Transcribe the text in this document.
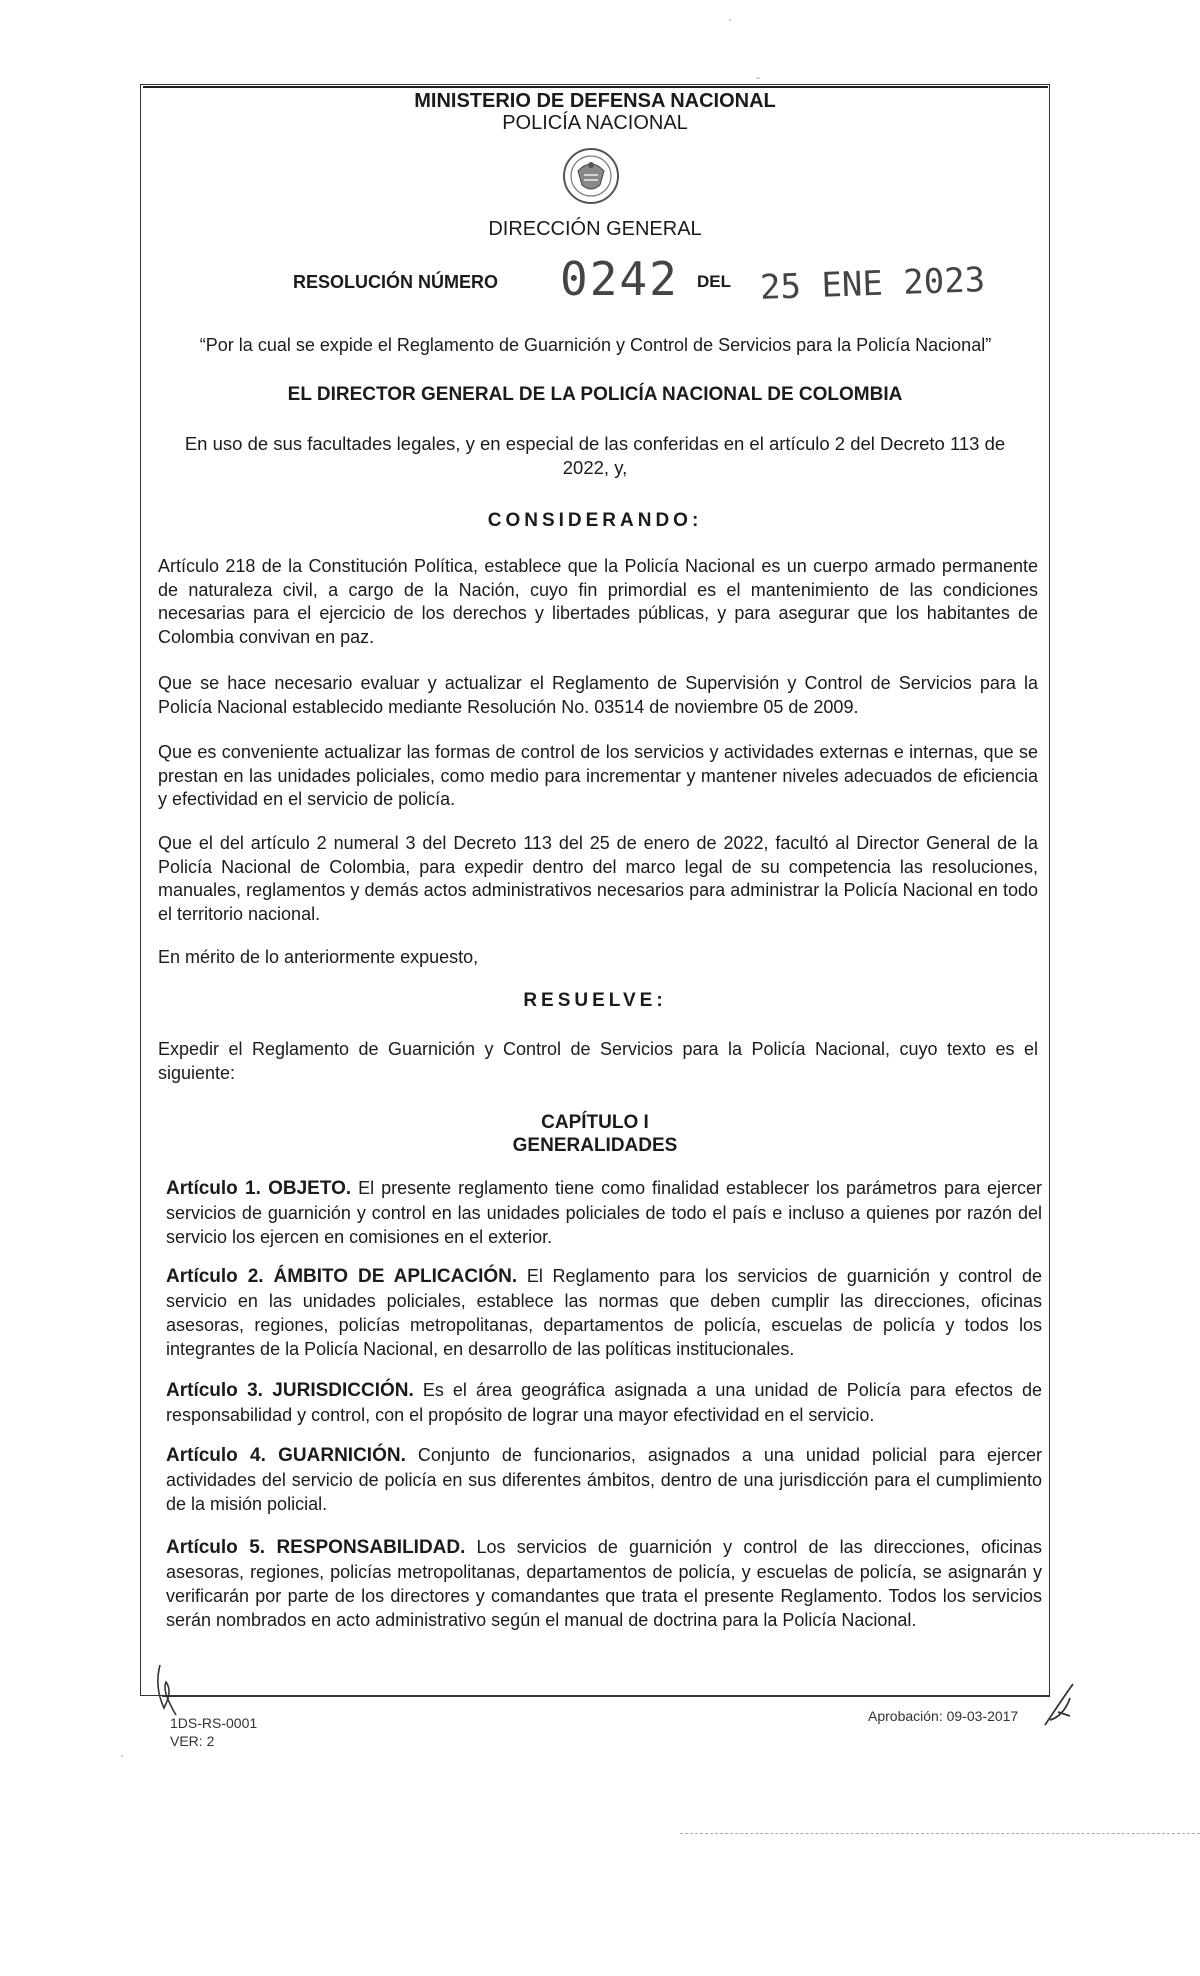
MINISTERIO DE DEFENSA NACIONAL
POLICÍA NACIONAL
DIRECCIÓN GENERAL
RESOLUCIÓN NÚMERO 0242 DEL 25 ENE 2023
“Por la cual se expide el Reglamento de Guarnición y Control de Servicios para la Policía Nacional”
EL DIRECTOR GENERAL DE LA POLICÍA NACIONAL DE COLOMBIA
En uso de sus facultades legales, y en especial de las conferidas en el artículo 2 del Decreto 113 de 2022, y,
CONSIDERANDO:
Artículo 218 de la Constitución Política, establece que la Policía Nacional es un cuerpo armado permanente de naturaleza civil, a cargo de la Nación, cuyo fin primordial es el mantenimiento de las condiciones necesarias para el ejercicio de los derechos y libertades públicas, y para asegurar que los habitantes de Colombia convivan en paz.
Que se hace necesario evaluar y actualizar el Reglamento de Supervisión y Control de Servicios para la Policía Nacional establecido mediante Resolución No. 03514 de noviembre 05 de 2009.
Que es conveniente actualizar las formas de control de los servicios y actividades externas e internas, que se prestan en las unidades policiales, como medio para incrementar y mantener niveles adecuados de eficiencia y efectividad en el servicio de policía.
Que el del artículo 2 numeral 3 del Decreto 113 del 25 de enero de 2022, facultó al Director General de la Policía Nacional de Colombia, para expedir dentro del marco legal de su competencia las resoluciones, manuales, reglamentos y demás actos administrativos necesarios para administrar la Policía Nacional en todo el territorio nacional.
En mérito de lo anteriormente expuesto,
RESUELVE:
Expedir el Reglamento de Guarnición y Control de Servicios para la Policía Nacional, cuyo texto es el siguiente:
CAPÍTULO I
GENERALIDADES
Artículo 1. OBJETO. El presente reglamento tiene como finalidad establecer los parámetros para ejercer servicios de guarnición y control en las unidades policiales de todo el país e incluso a quienes por razón del servicio los ejercen en comisiones en el exterior.
Artículo 2. ÁMBITO DE APLICACIÓN. El Reglamento para los servicios de guarnición y control de servicio en las unidades policiales, establece las normas que deben cumplir las direcciones, oficinas asesoras, regiones, policías metropolitanas, departamentos de policía, escuelas de policía y todos los integrantes de la Policía Nacional, en desarrollo de las políticas institucionales.
Artículo 3. JURISDICCIÓN. Es el área geográfica asignada a una unidad de Policía para efectos de responsabilidad y control, con el propósito de lograr una mayor efectividad en el servicio.
Artículo 4. GUARNICIÓN. Conjunto de funcionarios, asignados a una unidad policial para ejercer actividades del servicio de policía en sus diferentes ámbitos, dentro de una jurisdicción para el cumplimiento de la misión policial.
Artículo 5. RESPONSABILIDAD. Los servicios de guarnición y control de las direcciones, oficinas asesoras, regiones, policías metropolitanas, departamentos de policía, y escuelas de policía, se asignarán y verificarán por parte de los directores y comandantes que trata el presente Reglamento. Todos los servicios serán nombrados en acto administrativo según el manual de doctrina para la Policía Nacional.
1DS-RS-0001
VER: 2
Aprobación: 09-03-2017
·
‐
·
